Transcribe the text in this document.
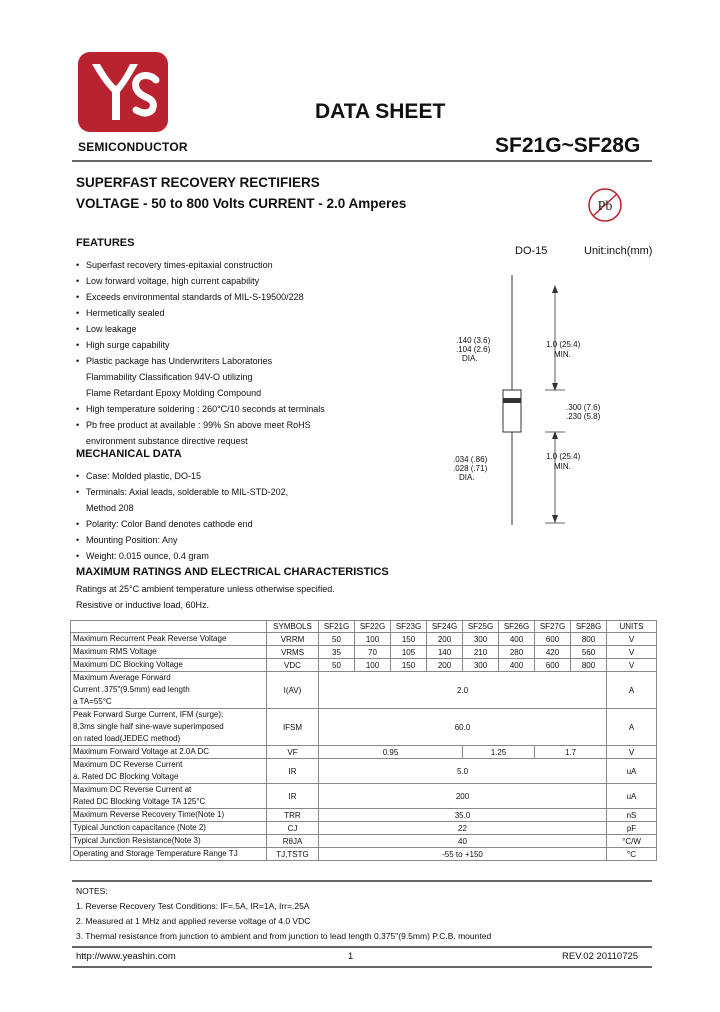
SEMICONDUCTOR
DATA SHEET
SF21G~SF28G
SUPERFAST RECOVERY RECTIFIERS
VOLTAGE - 50 to 800 Volts CURRENT - 2.0 Amperes	Pb
FEATURES
• Superfast recovery times-epitaxial construction
• Low forward voltage, high current capability
• Exceeds environmental standards of MIL-S-19500/228
• Hermetically sealed
• Low leakage
• High surge capability
• Plastic package has Underwriters Laboratories
Flammability Classification 94V-O utilizing
Flame Retardant Epoxy Molding Compound
• High temperature soldering : 260°C/10 seconds at terminals
• Pb free product at available : 99% Sn above meet RoHS
environment substance directive request
MECHANICAL DATA
• Case: Molded plastic, DO-15
• Terminals: Axial leads, solderable to MIL-STD-202,
Method 208
• Polarity: Color Band denotes cathode end
• Mounting Position: Any
• Weight: 0.015 ounce, 0.4 gram
DO-15	Unit:inch(mm)
.140 (3.6)
.104 (2.6)
DIA.
1.0 (25.4)
MIN.
.300 (7.6)
.230 (5.8)
.034 (.86)
.028 (.71)
DIA.
1.0 (25.4)
MIN.
MAXIMUM RATINGS AND ELECTRICAL CHARACTERISTICS
Ratings at 25°C ambient temperature unless otherwise specified.
Resistive or inductive load, 60Hz.
	SYMBOLS	SF21G	SF22G	SF23G	SF24G	SF25G	SF26G	SF27G	SF28G	UNITS
Maximum Recurrent Peak Reverse Voltage	VRRM	50	100	150	200	300	400	600	800	V
Maximum RMS Voltage	VRMS	35	70	105	140	210	280	420	560	V
Maximum DC Blocking Voltage	VDC	50	100	150	200	300	400	600	800	V

Maximum Average Forward
Current .375"(9.5mm) ead length
a TA=55°C	I(AV)	2.0								A

Peak Forward Surge Current, IFM (surge):
8.3ms single half sine-wave superimposed
on rated load(JEDEC method)	IFSM	60.0								A
Maximum Forward Voltage at 2.0A DC	VF	0.95				1.25		1.7		V

Maximum DC Reverse Current
a. Rated DC Blocking Voltage	IR	5.0								uA

Maximum DC Reverse Current at
Rated DC Blocking Voltage TA 125°C	IR	200								uA
Maximum Reverse Recovery Time(Note 1)	TRR	35.0								nS
Typical Junction capacitance (Note 2)	CJ	22								pF
Typical Junction Resistance(Note 3)	RθJA	40								°C/W
Operating and Storage Temperature Range TJ	TJ,TSTG	-55 to +150								°C
NOTES:
1. Reverse Recovery Test Conditions: IF=.5A, IR=1A, Irr=.25A
2. Measured at 1 MHz and applied reverse voltage of 4.0 VDC
3. Thermal resistance from junction to ambient and from junction to lead length 0.375"(9.5mm) P.C.B. mounted
http://www.yeashin.com	1	REV.02 20110725
